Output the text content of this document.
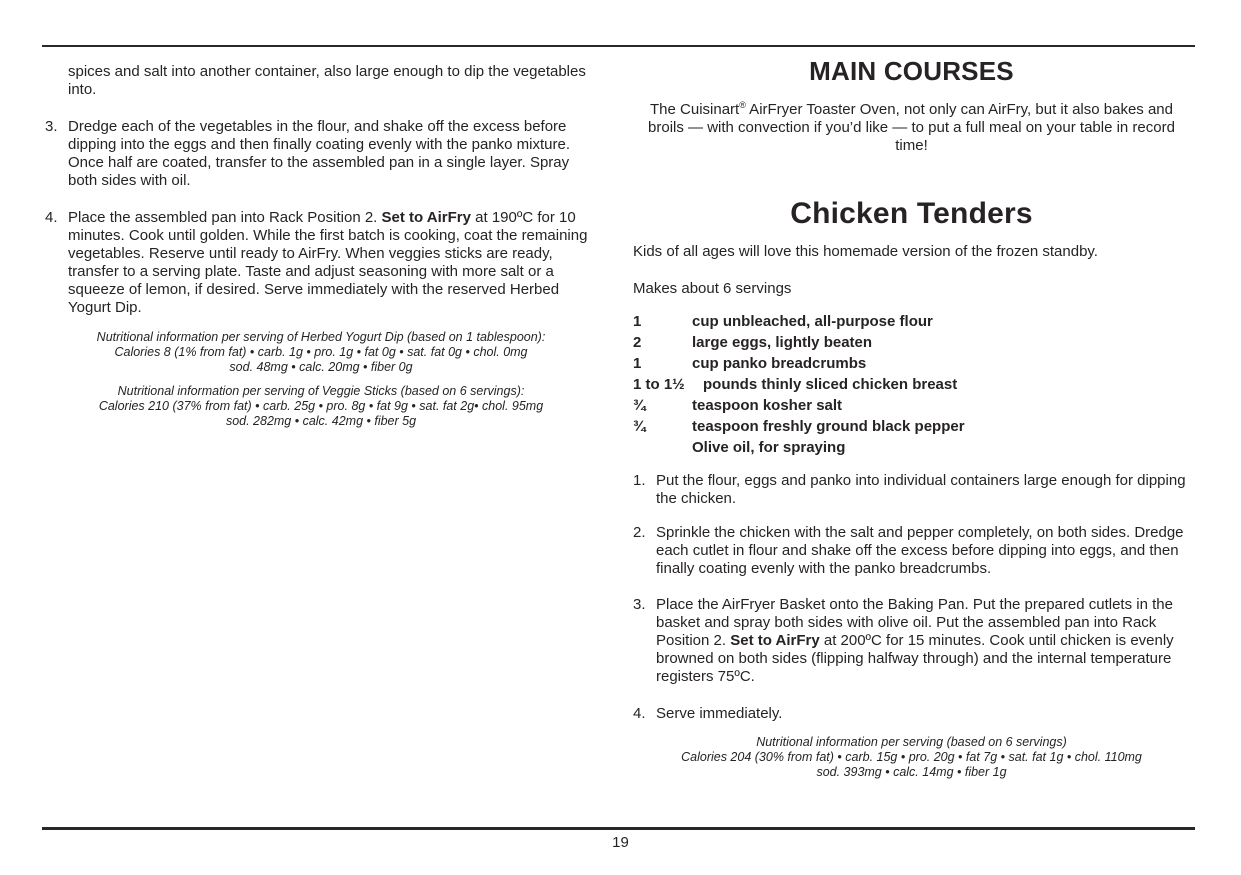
spices and salt into another container, also large enough to dip the vegetables into.

3. Dredge each of the vegetables in the flour, and shake off the excess before dipping into the eggs and then finally coating evenly with the panko mixture. Once half are coated, transfer to the assembled pan in a single layer. Spray both sides with oil.
4. Place the assembled pan into Rack Position 2. Set to AirFry at 190ºC for 10 minutes. Cook until golden. While the first batch is cooking, coat the remaining vegetables. Reserve until ready to AirFry. When veggies sticks are ready, transfer to a serving plate. Taste and adjust seasoning with more salt or a squeeze of lemon, if desired. Serve immediately with the reserved Herbed Yogurt Dip.
Nutritional information per serving of Herbed Yogurt Dip (based on 1 tablespoon):
Calories 8 (1% from fat) • carb. 1g • pro. 1g • fat 0g • sat. fat 0g • chol. 0mg
sod. 48mg • calc. 20mg • fiber 0g
Nutritional information per serving of Veggie Sticks (based on 6 servings):
Calories 210 (37% from fat) • carb. 25g • pro. 8g • fat 9g • sat. fat 2g• chol. 95mg
sod. 282mg • calc. 42mg • fiber 5g
MAIN COURSES

The Cuisinart® AirFryer Toaster Oven, not only can AirFry, but it also bakes and broils — with convection if you’d like — to put a full meal on your table in record time!

Chicken Tenders

Kids of all ages will love this homemade version of the frozen standby.

Makes about 6 servings

1	cup unbleached, all-purpose flour
2	large eggs, lightly beaten
1	cup panko breadcrumbs
1 to 1½	pounds thinly sliced chicken breast
¾	teaspoon kosher salt
¾	teaspoon freshly ground black pepper
Olive oil, for spraying
1. Put the flour, eggs and panko into individual containers large enough for dipping the chicken.
2. Sprinkle the chicken with the salt and pepper completely, on both sides. Dredge each cutlet in flour and shake off the excess before dipping into eggs, and then finally coating evenly with the panko breadcrumbs.
3. Place the AirFryer Basket onto the Baking Pan. Put the prepared cutlets in the basket and spray both sides with olive oil. Put the assembled pan into Rack Position 2. Set to AirFry at 200ºC for 15 minutes. Cook until chicken is evenly browned on both sides (flipping halfway through) and the internal temperature registers 75ºC.
4. Serve immediately.
Nutritional information per serving (based on 6 servings)
Calories 204 (30% from fat) • carb. 15g • pro. 20g • fat 7g • sat. fat 1g • chol. 110mg
sod. 393mg • calc. 14mg • fiber 1g
19
